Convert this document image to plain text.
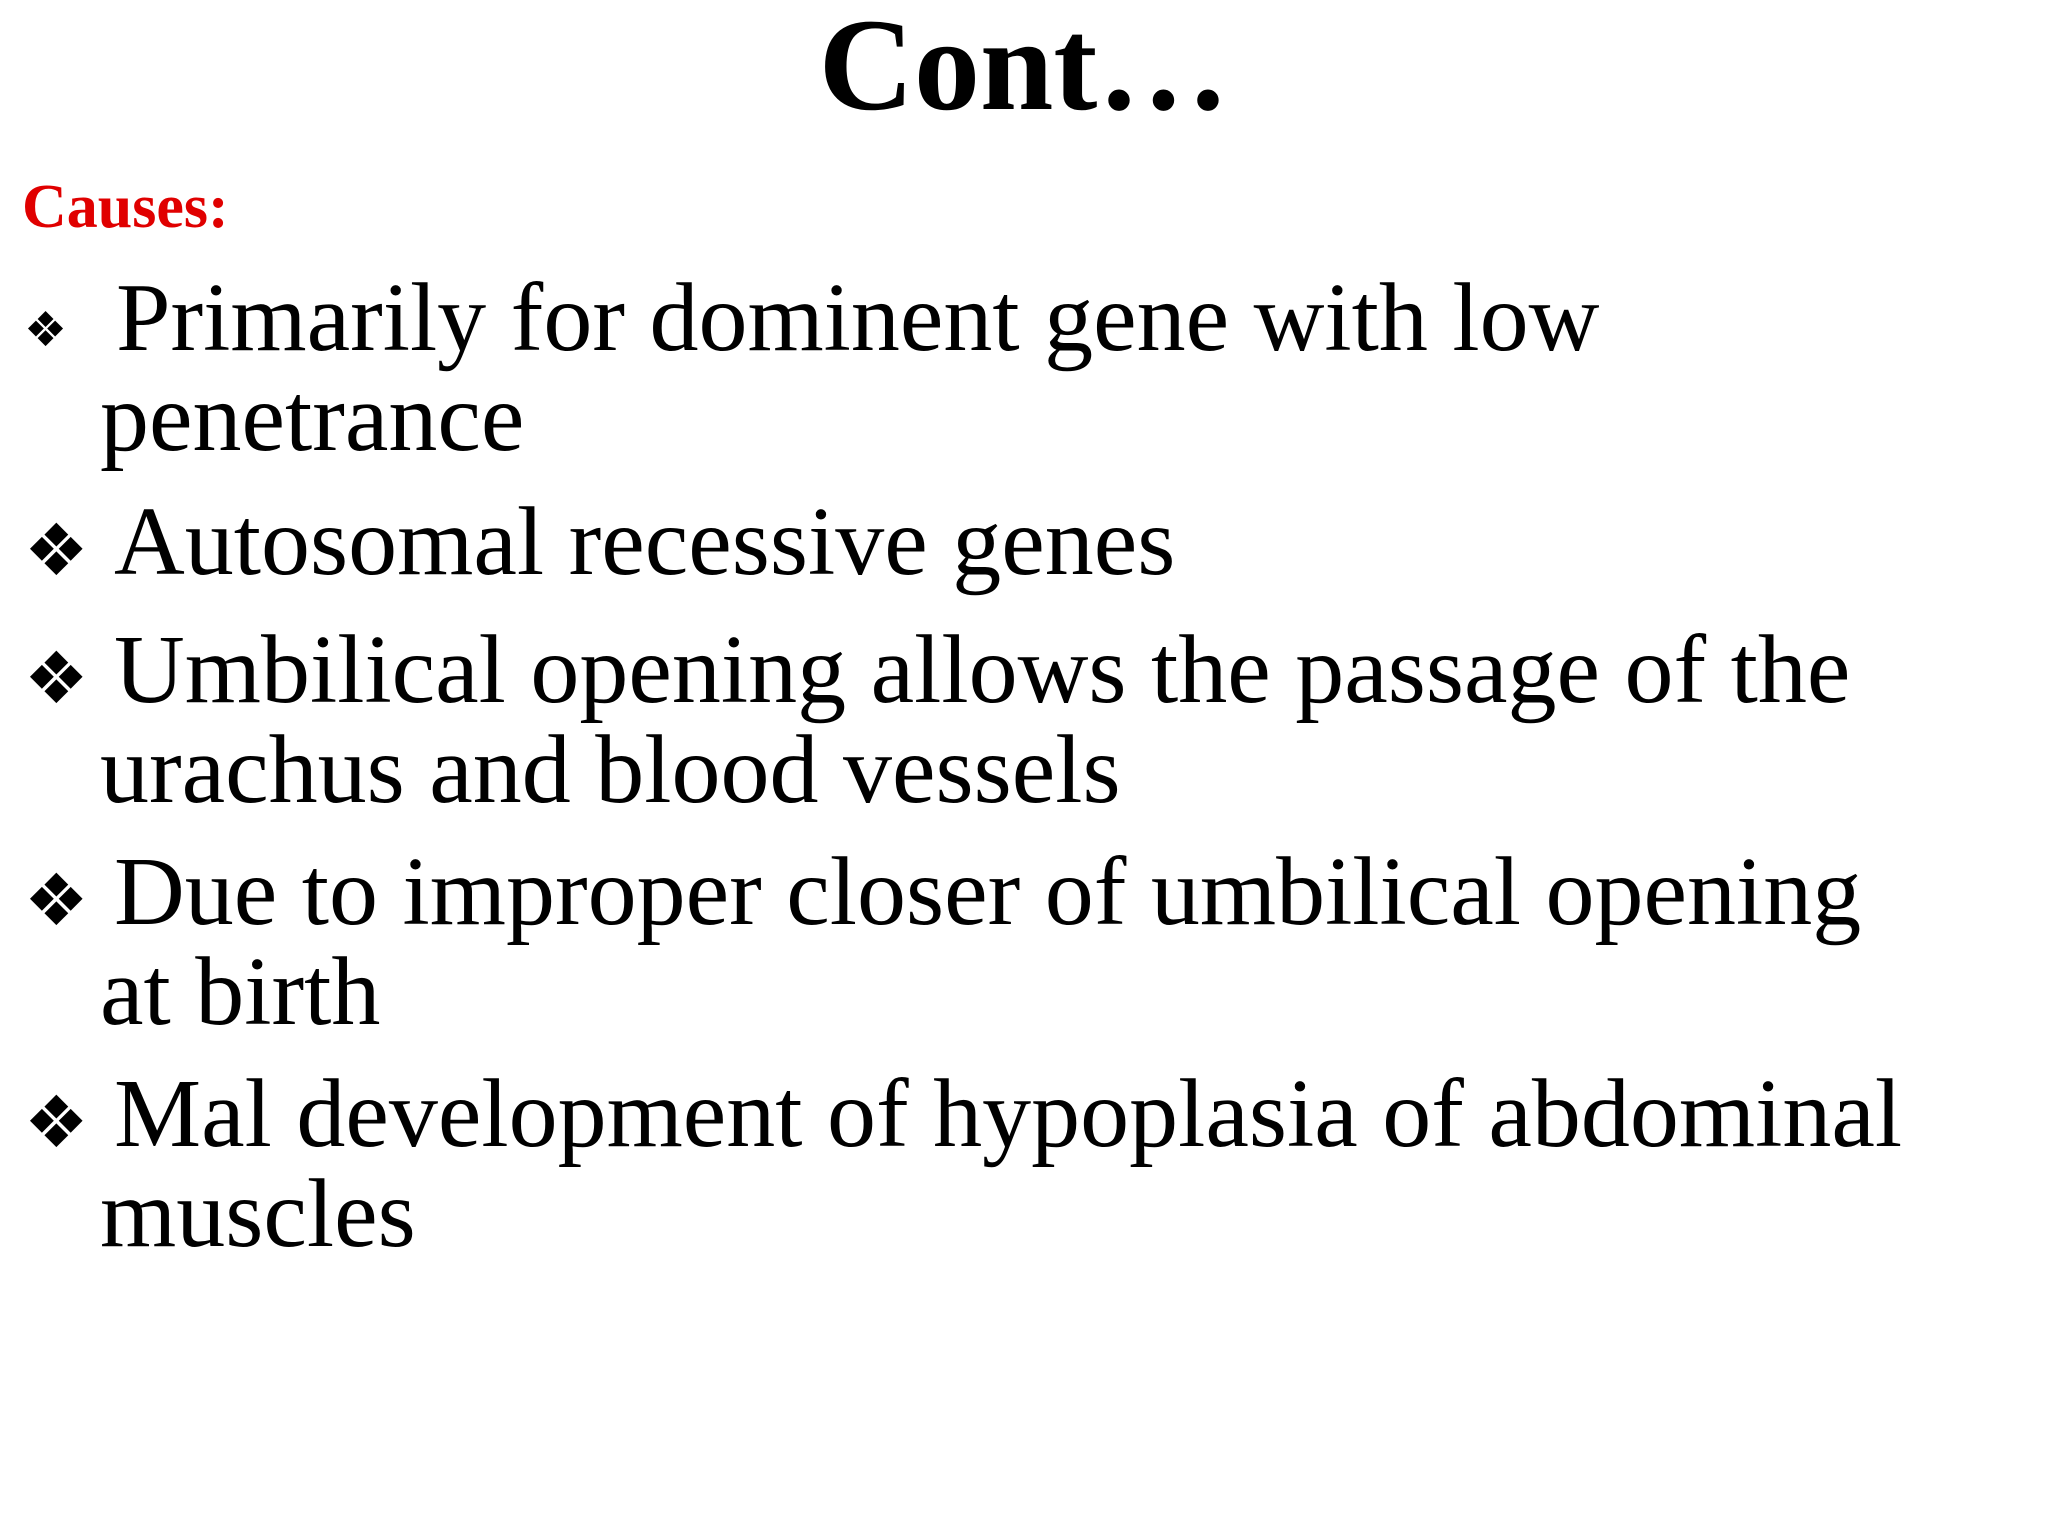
Cont…

Causes:

❖ Primarily for dominent gene with low
penetrance
❖ Autosomal recessive genes
❖ Umbilical opening allows the passage of the
urachus and blood vessels
❖ Due to improper closer of umbilical opening
at birth
❖ Mal development of hypoplasia of abdominal
muscles
